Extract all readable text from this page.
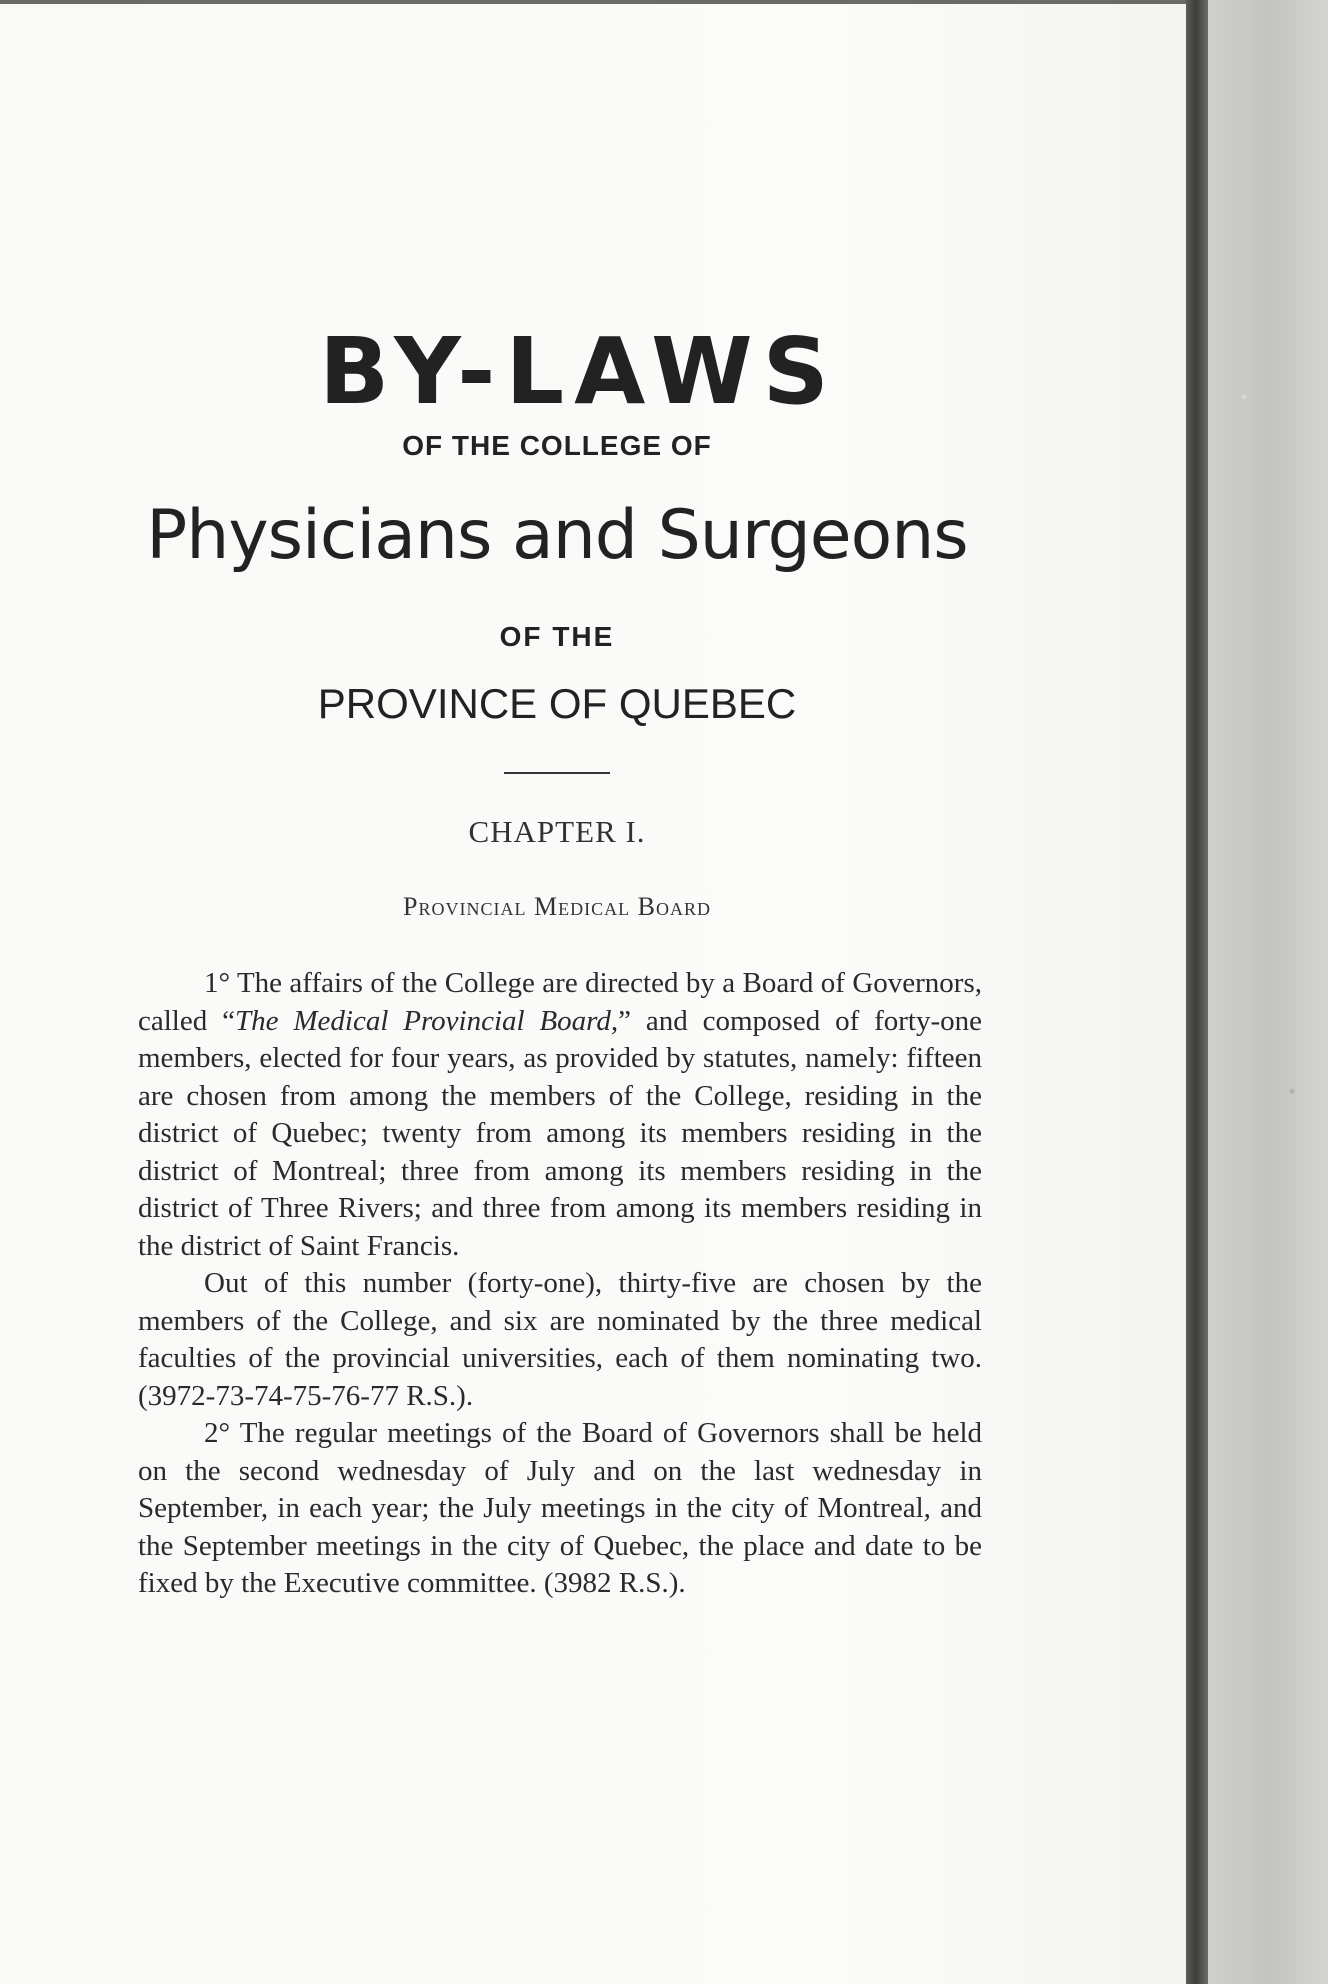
BY-LAWS
OF THE COLLEGE OF
Physicians and Surgeons
OF THE
PROVINCE OF QUEBEC
CHAPTER I.
Provincial Medical Board

1° The affairs of the College are directed by a Board of Governors, called “The Medical Provincial Board,” and composed of forty-one members, elected for four years, as provided by statutes, namely: fifteen are chosen from among the members of the College, residing in the district of Quebec; twenty from among its members residing in the district of Montreal; three from among its members residing in the district of Three Rivers; and three from among its members residing in the district of Saint Francis.

Out of this number (forty-one), thirty-five are chosen by the members of the College, and six are nominated by the three medical faculties of the provincial universities, each of them nominating two. (3972-73-74-75-76-77 R.S.).

2° The regular meetings of the Board of Governors shall be held on the second wednesday of July and on the last wednesday in September, in each year; the July meetings in the city of Montreal, and the September meetings in the city of Quebec, the place and date to be fixed by the Executive committee. (3982 R.S.).
